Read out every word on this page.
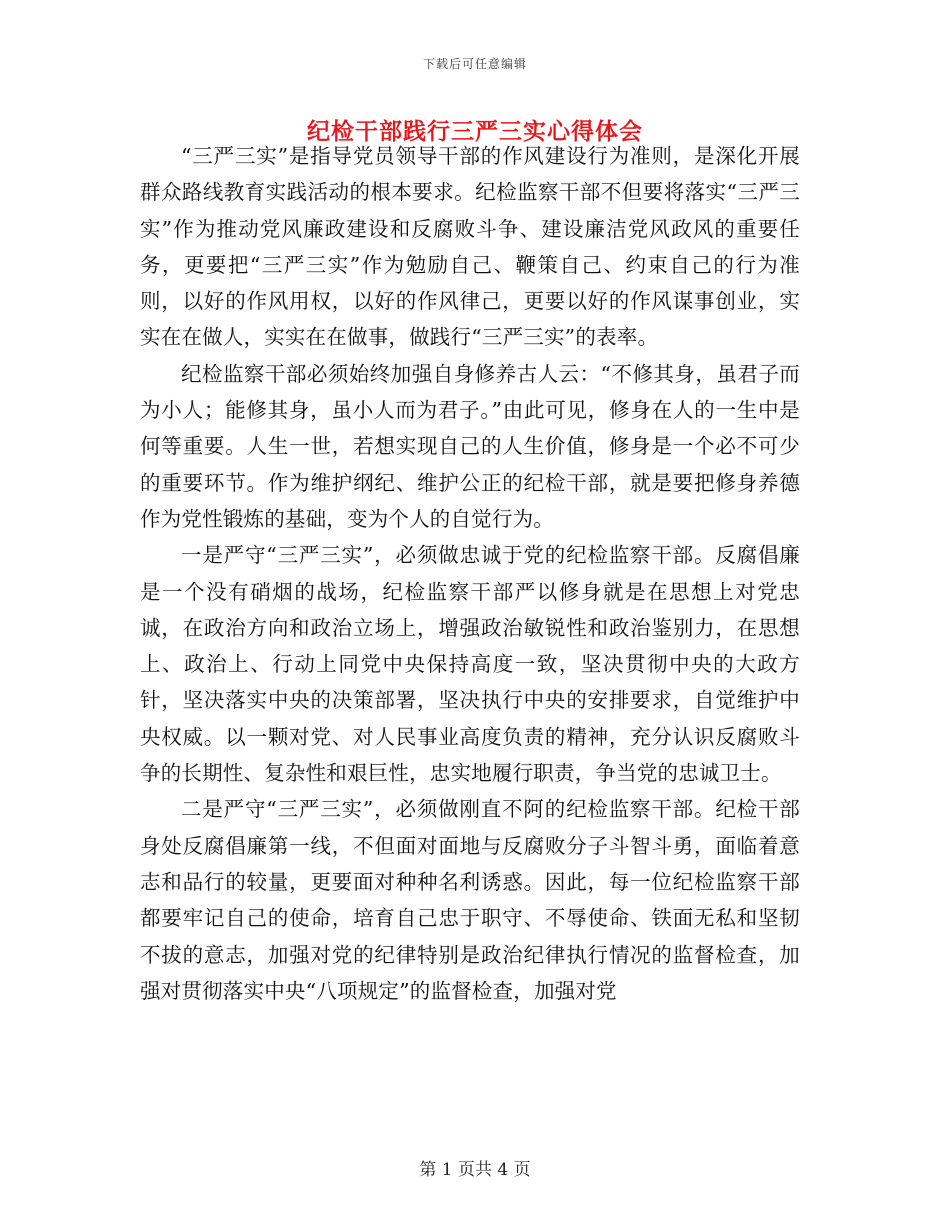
下载后可任意编辑
纪检干部践行三严三实心得体会

“三严三实”是指导党员领导干部的作风建设行为准则，是深化开展群众路线教育实践活动的根本要求。纪检监察干部不但要将落实“三严三实”作为推动党风廉政建设和反腐败斗争、建设廉洁党风政风的重要任务，更要把“三严三实”作为勉励自己、鞭策自己、约束自己的行为准则，以好的作风用权，以好的作风律己，更要以好的作风谋事创业，实实在在做人，实实在在做事，做践行“三严三实”的表率。

纪检监察干部必须始终加强自身修养古人云：“不修其身，虽君子而为小人；能修其身，虽小人而为君子。”由此可见，修身在人的一生中是何等重要。人生一世，若想实现自己的人生价值，修身是一个必不可少的重要环节。作为维护纲纪、维护公正的纪检干部，就是要把修身养德作为党性锻炼的基础，变为个人的自觉行为。

一是严守“三严三实”，必须做忠诚于党的纪检监察干部。反腐倡廉是一个没有硝烟的战场，纪检监察干部严以修身就是在思想上对党忠诚，在政治方向和政治立场上，增强政治敏锐性和政治鉴别力，在思想上、政治上、行动上同党中央保持高度一致，坚决贯彻中央的大政方针，坚决落实中央的决策部署，坚决执行中央的安排要求，自觉维护中央权威。以一颗对党、对人民事业高度负责的精神，充分认识反腐败斗争的长期性、复杂性和艰巨性，忠实地履行职责，争当党的忠诚卫士。

二是严守“三严三实”，必须做刚直不阿的纪检监察干部。纪检干部身处反腐倡廉第一线，不但面对面地与反腐败分子斗智斗勇，面临着意志和品行的较量，更要面对种种名利诱惑。因此，每一位纪检监察干部都要牢记自己的使命，培育自己忠于职守、不辱使命、铁面无私和坚韧不拔的意志，加强对党的纪律特别是政治纪律执行情况的监督检查，加强对贯彻落实中央“八项规定”的监督检查，加强对党

第 1 页共 4 页
